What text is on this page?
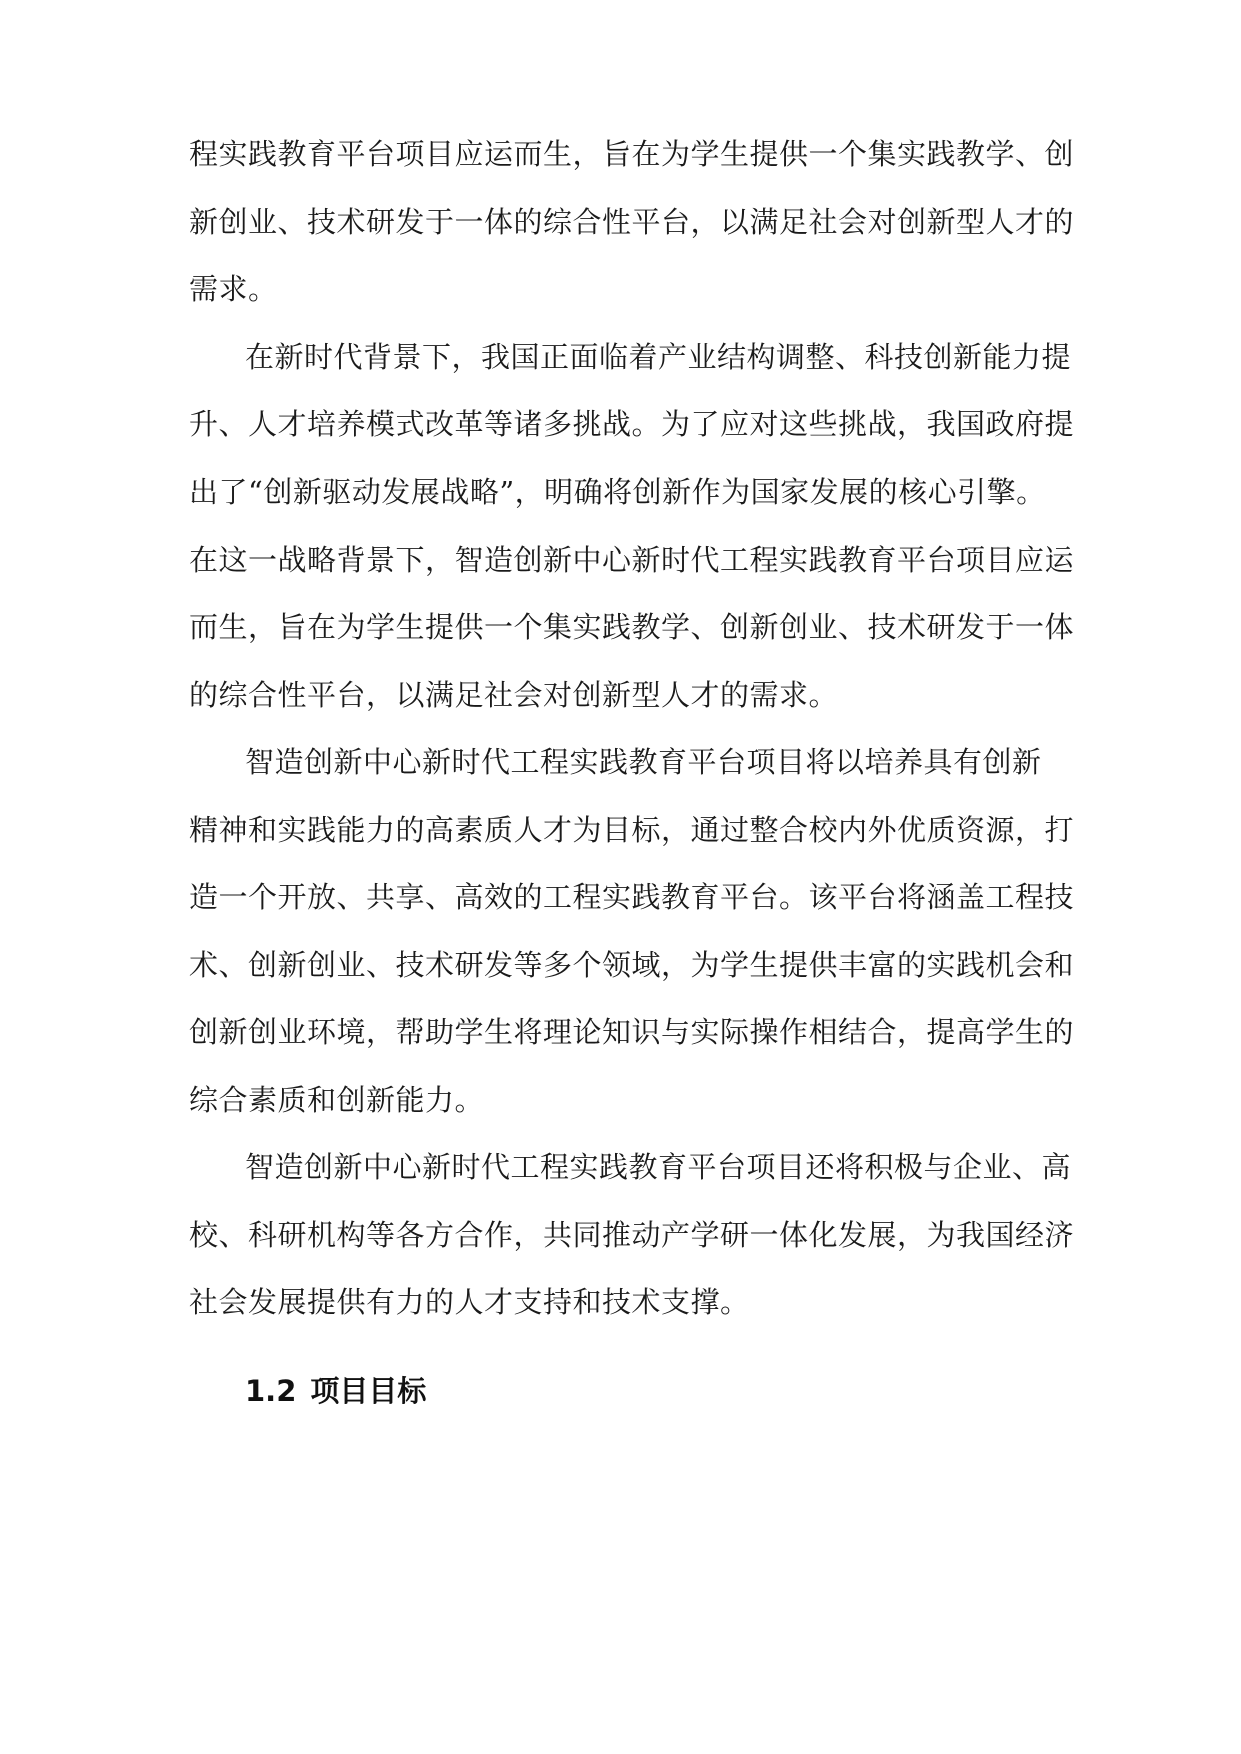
程实践教育平台项目应运而生，旨在为学生提供一个集实践教学、创
新创业、技术研发于一体的综合性平台，以满足社会对创新型人才的
需求。
在新时代背景下，我国正面临着产业结构调整、科技创新能力提
升、人才培养模式改革等诸多挑战。为了应对这些挑战，我国政府提
出了“创新驱动发展战略”，明确将创新作为国家发展的核心引擎。
在这一战略背景下，智造创新中心新时代工程实践教育平台项目应运
而生，旨在为学生提供一个集实践教学、创新创业、技术研发于一体
的综合性平台，以满足社会对创新型人才的需求。
智造创新中心新时代工程实践教育平台项目将以培养具有创新
精神和实践能力的高素质人才为目标，通过整合校内外优质资源，打
造一个开放、共享、高效的工程实践教育平台。该平台将涵盖工程技
术、创新创业、技术研发等多个领域，为学生提供丰富的实践机会和
创新创业环境，帮助学生将理论知识与实际操作相结合，提高学生的
综合素质和创新能力。
智造创新中心新时代工程实践教育平台项目还将积极与企业、高
校、科研机构等各方合作，共同推动产学研一体化发展，为我国经济
社会发展提供有力的人才支持和技术支撑。
1.2 项目目标
